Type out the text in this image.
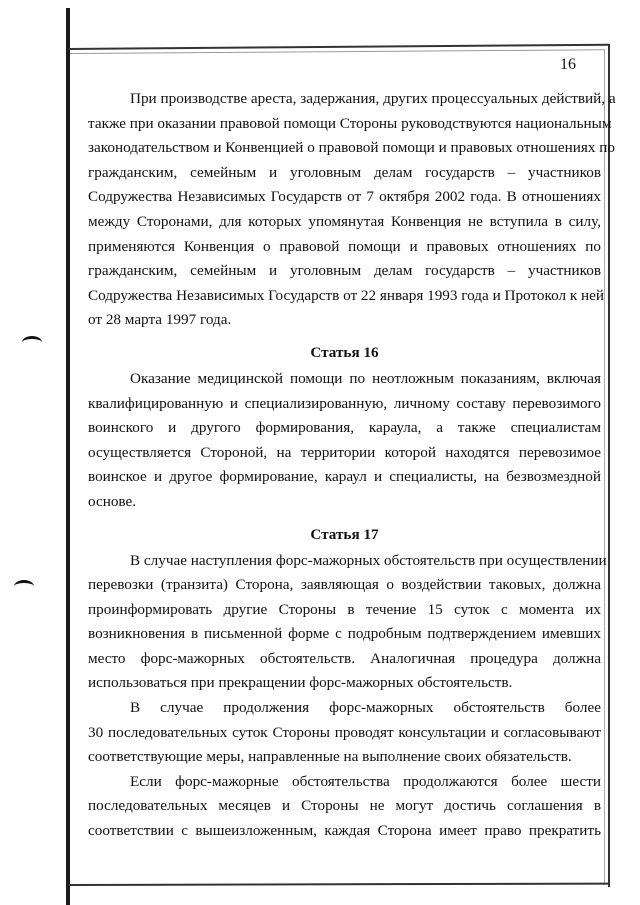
16
При производстве ареста, задержания, других процессуальных действий, а
также при оказании правовой помощи Стороны руководствуются национальным
законодательством и Конвенцией о правовой помощи и правовых отношениях по
гражданским, семейным и уголовным делам государств – участников
Содружества Независимых Государств от 7 октября 2002 года. В отношениях
между Сторонами, для которых упомянутая Конвенция не вступила в силу,
применяются Конвенция о правовой помощи и правовых отношениях по
гражданским, семейным и уголовным делам государств – участников
Содружества Независимых Государств от 22 января 1993 года и Протокол к ней
от 28 марта 1997 года.
Статья 16
Оказание медицинской помощи по неотложным показаниям, включая
квалифицированную и специализированную, личному составу перевозимого
воинского и другого формирования, караула, а также специалистам
осуществляется Стороной, на территории которой находятся перевозимое
воинское и другое формирование, караул и специалисты, на безвозмездной
основе.
Статья 17
В случае наступления форс-мажорных обстоятельств при осуществлении
перевозки (транзита) Сторона, заявляющая о воздействии таковых, должна
проинформировать другие Стороны в течение 15 суток с момента их
возникновения в письменной форме с подробным подтверждением имевших
место форс-мажорных обстоятельств. Аналогичная процедура должна
использоваться при прекращении форс-мажорных обстоятельств.
В случае продолжения форс-мажорных обстоятельств более
30 последовательных суток Стороны проводят консультации и согласовывают
соответствующие меры, направленные на выполнение своих обязательств.
Если форс-мажорные обстоятельства продолжаются более шести
последовательных месяцев и Стороны не могут достичь соглашения в
соответствии с вышеизложенным, каждая Сторона имеет право прекратить
